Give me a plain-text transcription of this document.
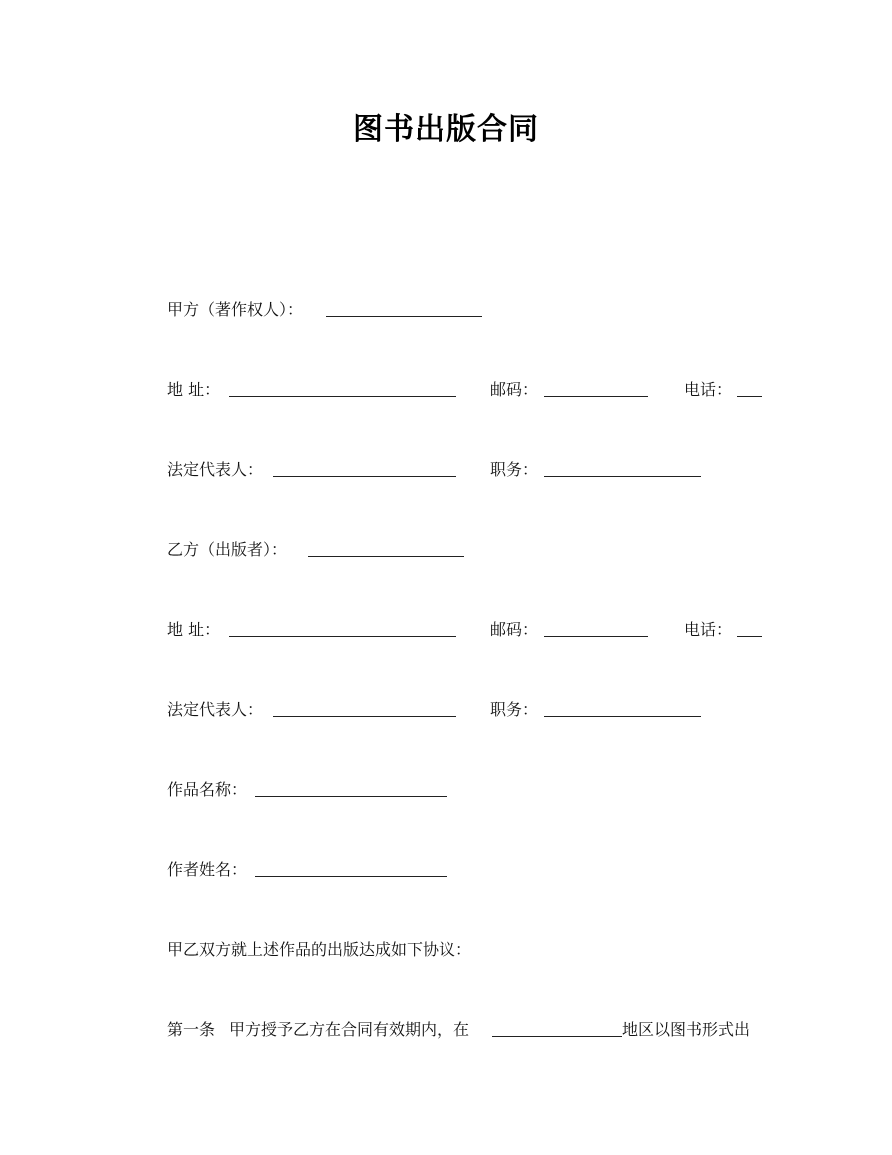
图书出版合同
甲方（著作权人）：
地 址：	邮码：	电话：
法定代表人：	职务：
乙方（出版者）：
地 址：	邮码：	电话：
法定代表人：	职务：
作品名称：
作者姓名：
甲乙双方就上述作品的出版达成如下协议：
第一条 甲方授予乙方在合同有效期内，在	地区以图书形式出
